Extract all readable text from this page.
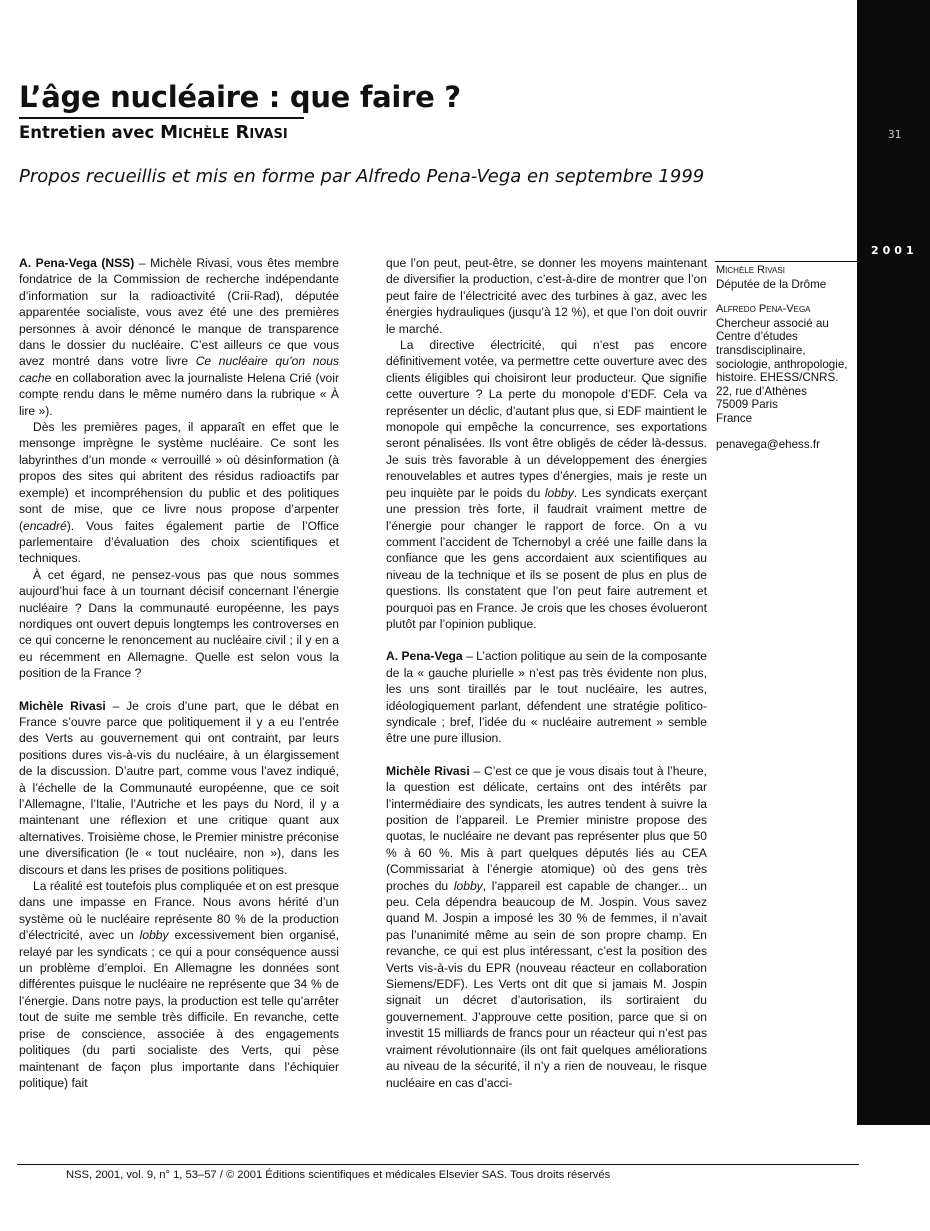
31
2001
L’âge nucléaire : que faire ?
Entretien avec Michèle Rivasi
Propos recueillis et mis en forme par Alfredo Pena-Vega en septembre 1999

A. Pena-Vega (NSS) – Michèle Rivasi, vous êtes membre fondatrice de la Commission de recherche indépendante d’information sur la radioactivité (Crii-Rad), députée apparentée socialiste, vous avez été une des premières personnes à avoir dénoncé le manque de transparence dans le dossier du nucléaire. C’est ailleurs ce que vous avez montré dans votre livre Ce nucléaire qu’on nous cache en collaboration avec la journaliste Helena Crié (voir compte rendu dans le même numéro dans la rubrique « À lire »).

Dès les premières pages, il apparaît en effet que le mensonge imprègne le système nucléaire. Ce sont les labyrinthes d’un monde « verrouillé » où désinformation (à propos des sites qui abritent des résidus radioactifs par exemple) et incompréhension du public et des politiques sont de mise, que ce livre nous propose d’arpenter (encadré). Vous faites également partie de l’Office parlementaire d’évaluation des choix scientifiques et techniques.

À cet égard, ne pensez-vous pas que nous sommes aujourd’hui face à un tournant décisif concernant l’énergie nucléaire ? Dans la communauté européenne, les pays nordiques ont ouvert depuis longtemps les controverses en ce qui concerne le renoncement au nucléaire civil ; il y en a eu récemment en Allemagne. Quelle est selon vous la position de la France ?

Michèle Rivasi – Je crois d’une part, que le débat en France s’ouvre parce que politiquement il y a eu l’entrée des Verts au gouvernement qui ont contraint, par leurs positions dures vis-à-vis du nucléaire, à un élargissement de la discussion. D’autre part, comme vous l’avez indiqué, à l’échelle de la Communauté européenne, que ce soit l’Allemagne, l’Italie, l’Autriche et les pays du Nord, il y a maintenant une réflexion et une critique quant aux alternatives. Troisième chose, le Premier ministre préconise une diversification (le « tout nucléaire, non »), dans les discours et dans les prises de positions politiques.

La réalité est toutefois plus compliquée et on est presque dans une impasse en France. Nous avons hérité d’un système où le nucléaire représente 80 % de la production d’électricité, avec un lobby excessivement bien organisé, relayé par les syndicats ; ce qui a pour conséquence aussi un problème d’emploi. En Allemagne les données sont différentes puisque le nucléaire ne représente que 34 % de l’énergie. Dans notre pays, la production est telle qu’arrêter tout de suite me semble très difficile. En revanche, cette prise de conscience, associée à des engagements politiques (du parti socialiste des Verts, qui pèse maintenant de façon plus importante dans l’échiquier politique) fait

que l’on peut, peut-être, se donner les moyens maintenant de diversifier la production, c’est-à-dire de montrer que l’on peut faire de l’électricité avec des turbines à gaz, avec les énergies hydrauliques (jusqu’à 12 %), et que l’on doit ouvrir le marché.

La directive électricité, qui n’est pas encore définitivement votée, va permettre cette ouverture avec des clients éligibles qui choisiront leur producteur. Que signifie cette ouverture ? La perte du monopole d’EDF. Cela va représenter un déclic, d’autant plus que, si EDF maintient le monopole qui empêche la concurrence, ses exportations seront pénalisées. Ils vont être obligés de céder là-dessus. Je suis très favorable à un développement des énergies renouvelables et autres types d’énergies, mais je reste un peu inquiète par le poids du lobby. Les syndicats exerçant une pression très forte, il faudrait vraiment mettre de l’énergie pour changer le rapport de force. On a vu comment l’accident de Tchernobyl a créé une faille dans la confiance que les gens accordaient aux scientifiques au niveau de la technique et ils se posent de plus en plus de questions. Ils constatent que l’on peut faire autrement et pourquoi pas en France. Je crois que les choses évolueront plutôt par l’opinion publique.

A. Pena-Vega – L’action politique au sein de la composante de la « gauche plurielle » n’est pas très évidente non plus, les uns sont tiraillés par le tout nucléaire, les autres, idéologiquement parlant, défendent une stratégie politico-syndicale ; bref, l’idée du « nucléaire autrement » semble être une pure illusion.

Michèle Rivasi – C’est ce que je vous disais tout à l’heure, la question est délicate, certains ont des intérêts par l’intermédiaire des syndicats, les autres tendent à suivre la position de l’appareil. Le Premier ministre propose des quotas, le nucléaire ne devant pas représenter plus que 50 % à 60 %. Mis à part quelques députés liés au CEA (Commissariat à l’énergie atomique) où des gens très proches du lobby, l’appareil est capable de changer... un peu. Cela dépendra beaucoup de M. Jospin. Vous savez quand M. Jospin a imposé les 30 % de femmes, il n’avait pas l’unanimité même au sein de son propre champ. En revanche, ce qui est plus intéressant, c’est la position des Verts vis-à-vis du EPR (nouveau réacteur en collaboration Siemens/EDF). Les Verts ont dit que si jamais M. Jospin signait un décret d’autorisation, ils sortiraient du gouvernement. J’approuve cette position, parce que si on investit 15 milliards de francs pour un réacteur qui n’est pas vraiment révolutionnaire (ils ont fait quelques améliorations au niveau de la sécurité, il n’y a rien de nouveau, le risque nucléaire en cas d’acci-

Michèle Rivasi
Députée de la Drôme
Alfredo Pena-Vega
Chercheur associé au Centre d’études transdisciplinaire, sociologie, anthropologie, histoire. EHESS/CNRS.
22, rue d’Athènes
75009 Paris
France
penavega@ehess.fr
NSS, 2001, vol. 9, n° 1, 53–57 / © 2001 Éditions scientifiques et médicales Elsevier SAS. Tous droits réservés
